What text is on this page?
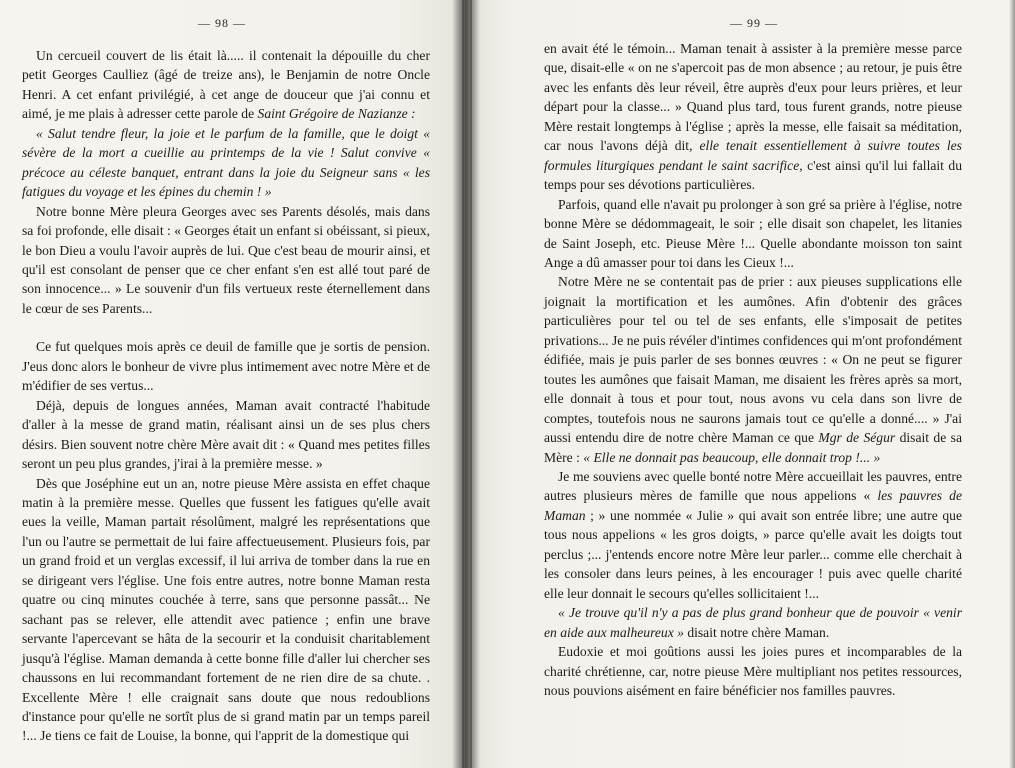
— 98 —

Un cercueil couvert de lis était là..... il contenait la dépouille du cher petit Georges Caulliez (âgé de treize ans), le Benjamin de notre Oncle Henri. A cet enfant privilégié, à cet ange de douceur que j'ai connu et aimé, je me plais à adresser cette parole de Saint Grégoire de Nazianze :

« Salut tendre fleur, la joie et le parfum de la famille, que le doigt « sévère de la mort a cueillie au printemps de la vie ! Salut convive « précoce au céleste banquet, entrant dans la joie du Seigneur sans « les fatigues du voyage et les épines du chemin ! »

Notre bonne Mère pleura Georges avec ses Parents désolés, mais dans sa foi profonde, elle disait : « Georges était un enfant si obéissant, si pieux, le bon Dieu a voulu l'avoir auprès de lui. Que c'est beau de mourir ainsi, et qu'il est consolant de penser que ce cher enfant s'en est allé tout paré de son innocence... » Le souvenir d'un fils vertueux reste éternellement dans le cœur de ses Parents...

Ce fut quelques mois après ce deuil de famille que je sortis de pension. J'eus donc alors le bonheur de vivre plus intimement avec notre Mère et de m'édifier de ses vertus...

Déjà, depuis de longues années, Maman avait contracté l'habitude d'aller à la messe de grand matin, réalisant ainsi un de ses plus chers désirs. Bien souvent notre chère Mère avait dit : « Quand mes petites filles seront un peu plus grandes, j'irai à la première messe. »

Dès que Joséphine eut un an, notre pieuse Mère assista en effet chaque matin à la première messe. Quelles que fussent les fatigues qu'elle avait eues la veille, Maman partait résolûment, malgré les représentations que l'un ou l'autre se permettait de lui faire affectueusement. Plusieurs fois, par un grand froid et un verglas excessif, il lui arriva de tomber dans la rue en se dirigeant vers l'église. Une fois entre autres, notre bonne Maman resta quatre ou cinq minutes couchée à terre, sans que personne passât... Ne sachant pas se relever, elle attendit avec patience ; enfin une brave servante l'apercevant se hâta de la secourir et la conduisit charitablement jusqu'à l'église. Maman demanda à cette bonne fille d'aller lui chercher ses chaussons en lui recommandant fortement de ne rien dire de sa chute. . Excellente Mère ! elle craignait sans doute que nous redoublions d'instance pour qu'elle ne sortît plus de si grand matin par un temps pareil !... Je tiens ce fait de Louise, la bonne, qui l'apprit de la domestique qui

— 99 —

en avait été le témoin... Maman tenait à assister à la première messe parce que, disait-elle « on ne s'apercoit pas de mon absence ; au retour, je puis être avec les enfants dès leur réveil, être auprès d'eux pour leurs prières, et leur départ pour la classe... » Quand plus tard, tous furent grands, notre pieuse Mère restait longtemps à l'église ; après la messe, elle faisait sa méditation, car nous l'avons déjà dit, elle tenait essentiellement à suivre toutes les formules liturgiques pendant le saint sacrifice, c'est ainsi qu'il lui fallait du temps pour ses dévotions particulières.

Parfois, quand elle n'avait pu prolonger à son gré sa prière à l'église, notre bonne Mère se dédommageait, le soir ; elle disait son chapelet, les litanies de Saint Joseph, etc. Pieuse Mère !... Quelle abondante moisson ton saint Ange a dû amasser pour toi dans les Cieux !...

Notre Mère ne se contentait pas de prier : aux pieuses supplications elle joignait la mortification et les aumônes. Afin d'obtenir des grâces particulières pour tel ou tel de ses enfants, elle s'imposait de petites privations... Je ne puis révéler d'intimes confidences qui m'ont profondément édifiée, mais je puis parler de ses bonnes œuvres : « On ne peut se figurer toutes les aumônes que faisait Maman, me disaient les frères après sa mort, elle donnait à tous et pour tout, nous avons vu cela dans son livre de comptes, toutefois nous ne saurons jamais tout ce qu'elle a donné.... » J'ai aussi entendu dire de notre chère Maman ce que Mgr de Ségur disait de sa Mère : « Elle ne donnait pas beaucoup, elle donnait trop !... »

Je me souviens avec quelle bonté notre Mère accueillait les pauvres, entre autres plusieurs mères de famille que nous appelions « les pauvres de Maman ; » une nommée « Julie » qui avait son entrée libre; une autre que tous nous appelions « les gros doigts, » parce qu'elle avait les doigts tout perclus ;... j'entends encore notre Mère leur parler... comme elle cherchait à les consoler dans leurs peines, à les encourager ! puis avec quelle charité elle leur donnait le secours qu'elles sollicitaient !...

« Je trouve qu'il n'y a pas de plus grand bonheur que de pouvoir « venir en aide aux malheureux » disait notre chère Maman.

Eudoxie et moi goûtions aussi les joies pures et incomparables de la charité chrétienne, car, notre pieuse Mère multipliant nos petites ressources, nous pouvions aisément en faire bénéficier nos familles pauvres.
